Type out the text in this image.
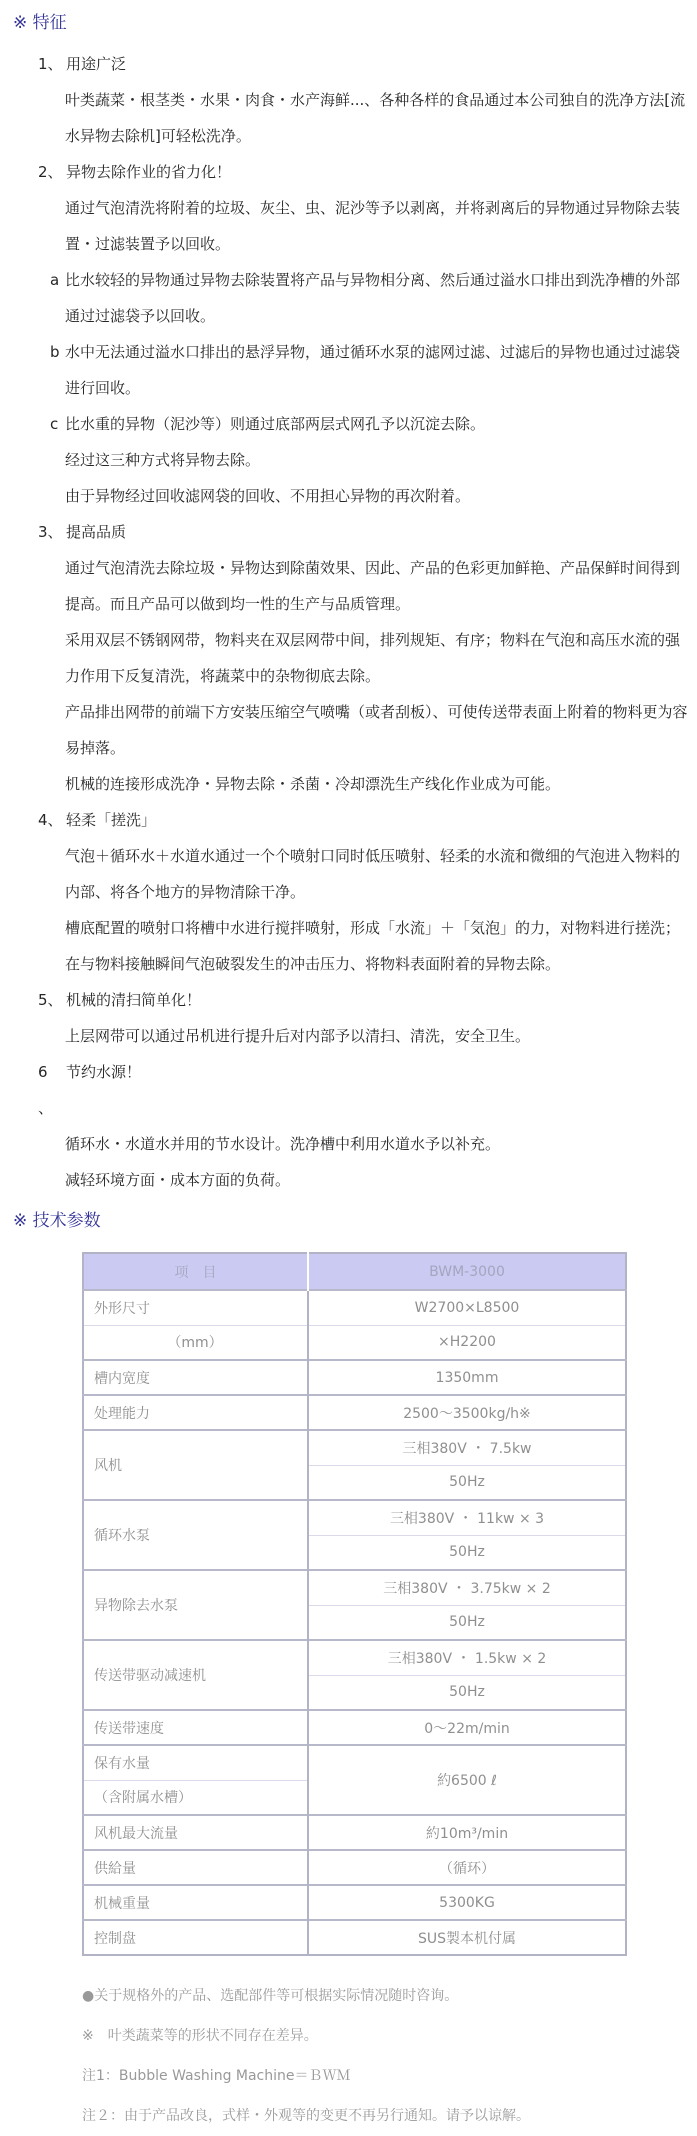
※ 特征
1、 用途广泛

叶类蔬菜・根茎类・水果・肉食・水产海鲜...、各种各样的食品通过本公司独自的洗净方法[流水异物去除机]可轻松洗净。

2、 异物去除作业的省力化！

通过气泡清洗将附着的垃圾、灰尘、虫、泥沙等予以剥离，并将剥离后的异物通过异物除去装置・过滤装置予以回收。

a 比水较轻的异物通过异物去除装置将产品与异物相分离、然后通过溢水口排出到洗净槽的外部通过过滤袋予以回收。
b 水中无法通过溢水口排出的悬浮异物，通过循环水泵的滤网过滤、过滤后的异物也通过过滤袋进行回收。
c 比水重的异物（泥沙等）则通过底部两层式网孔予以沉淀去除。

经过这三种方式将异物去除。

由于异物经过回收滤网袋的回收、不用担心异物的再次附着。

3、 提高品质

通过气泡清洗去除垃圾・异物达到除菌效果、因此、产品的色彩更加鲜艳、产品保鲜时间得到提高。而且产品可以做到均一性的生产与品质管理。

采用双层不锈钢网带，物料夹在双层网带中间，排列规矩、有序；物料在气泡和高压水流的强力作用下反复清洗，将蔬菜中的杂物彻底去除。

产品排出网带的前端下方安装压缩空气喷嘴（或者刮板）、可使传送带表面上附着的物料更为容易掉落。

机械的连接形成洗净・异物去除・杀菌・冷却漂洗生产线化作业成为可能。

4、 轻柔「搓洗」

气泡＋循环水＋水道水通过一个个喷射口同时低压喷射、轻柔的水流和微细的气泡进入物料的内部、将各个地方的异物清除干净。

槽底配置的喷射口将槽中水进行搅拌喷射，形成「水流」＋「気泡」的力，对物料进行搓洗；在与物料接触瞬间气泡破裂发生的冲击压力、将物料表面附着的异物去除。

5、 机械的清扫简单化！

上层网带可以通过吊机进行提升后对内部予以清扫、清洗，安全卫生。

6 、
节约水源！

循环水・水道水并用的节水设计。洗净槽中利用水道水予以补充。

减轻环境方面・成本方面的负荷。

※ 技术参数
项　目	BWM-3000
外形尺寸	W2700×L8500
（mm）	×H2200
槽内宽度	1350mm
处理能力	2500～3500kg/h※
风机	三相380V ・ 7.5kw
	50Hz
循环水泵	三相380V ・ 11kw × 3
	50Hz
异物除去水泵	三相380V ・ 3.75kw × 2
	50Hz
传送带驱动减速机	三相380V ・ 1.5kw × 2
	50Hz
传送带速度	0～22m/min
保有水量	約6500 ℓ
（含附属水槽）	
风机最大流量	約10m³/min
供給量	（循环）
机械重量	5300KG
控制盘	SUS製本机付属
●关于规格外的产品、选配部件等可根据实际情况随时咨询。
※　叶类蔬菜等的形状不同存在差异。
注1：Bubble Washing Machine＝ＢＷＭ
注２：由于产品改良，式样・外观等的变更不再另行通知。请予以谅解。
